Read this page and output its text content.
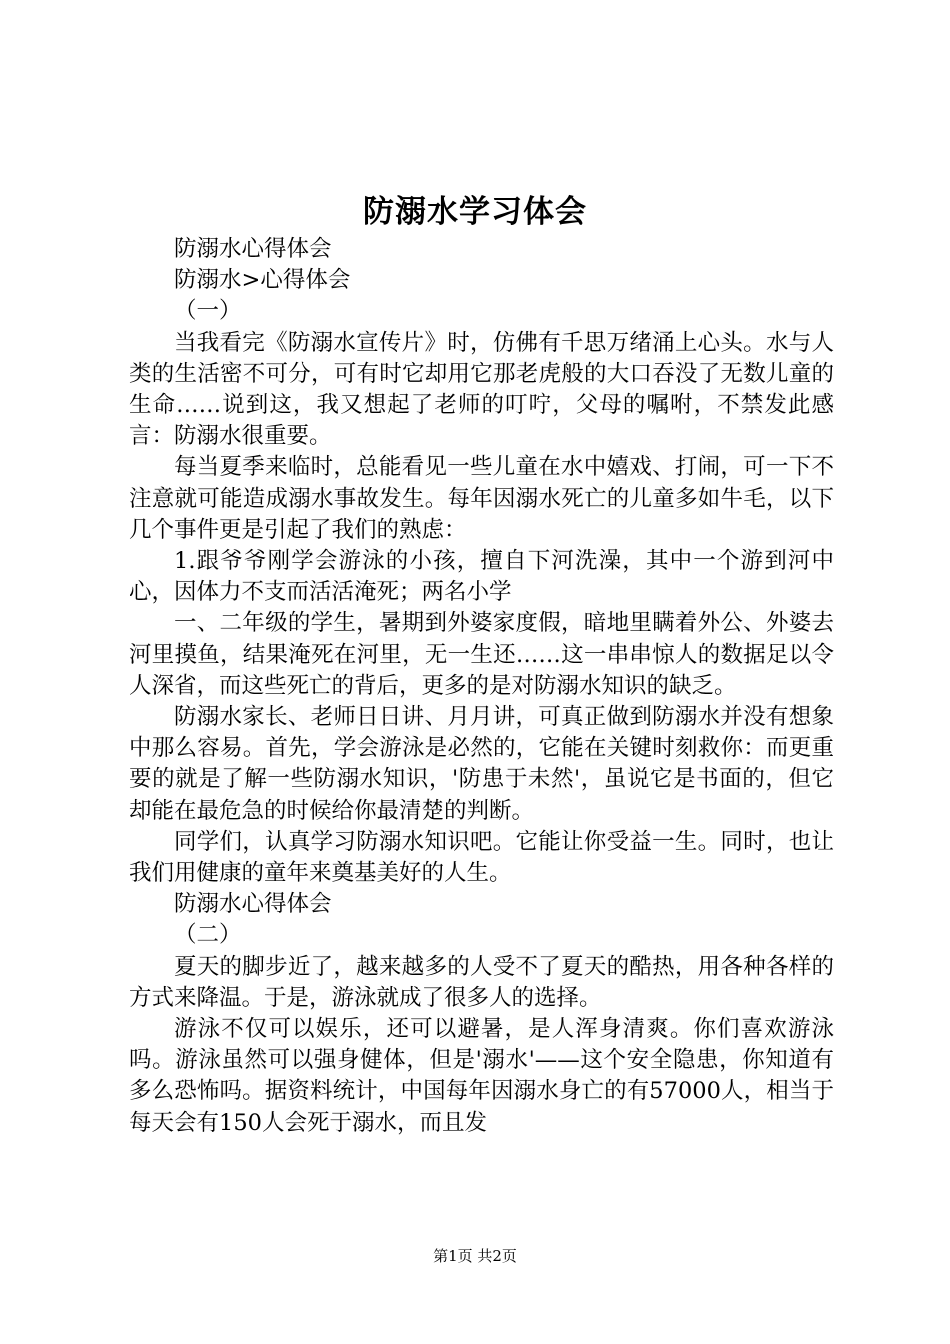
防溺水学习体会

防溺水心得体会

防溺水>心得体会

（一）

当我看完《防溺水宣传片》时，仿佛有千思万绪涌上心头。水与人类的生活密不可分，可有时它却用它那老虎般的大口吞没了无数儿童的生命……说到这，我又想起了老师的叮咛，父母的嘱咐，不禁发此感言：防溺水很重要。

每当夏季来临时，总能看见一些儿童在水中嬉戏、打闹，可一下不注意就可能造成溺水事故发生。每年因溺水死亡的儿童多如牛毛，以下几个事件更是引起了我们的熟虑：

1.跟爷爷刚学会游泳的小孩，擅自下河洗澡，其中一个游到河中心，因体力不支而活活淹死；两名小学

一、二年级的学生，暑期到外婆家度假，暗地里瞒着外公、外婆去河里摸鱼，结果淹死在河里，无一生还……这一串串惊人的数据足以令人深省，而这些死亡的背后，更多的是对防溺水知识的缺乏。

防溺水家长、老师日日讲、月月讲，可真正做到防溺水并没有想象中那么容易。首先，学会游泳是必然的，它能在关键时刻救你：而更重要的就是了解一些防溺水知识，'防患于未然'，虽说它是书面的，但它却能在最危急的时候给你最清楚的判断。

同学们，认真学习防溺水知识吧。它能让你受益一生。同时，也让我们用健康的童年来奠基美好的人生。

防溺水心得体会

（二）

夏天的脚步近了，越来越多的人受不了夏天的酷热，用各种各样的方式来降温。于是，游泳就成了很多人的选择。

游泳不仅可以娱乐，还可以避暑，是人浑身清爽。你们喜欢游泳吗。游泳虽然可以强身健体，但是'溺水'——这个安全隐患，你知道有多么恐怖吗。据资料统计，中国每年因溺水身亡的有57000人，相当于每天会有150人会死于溺水，而且发

第1页 共2页
